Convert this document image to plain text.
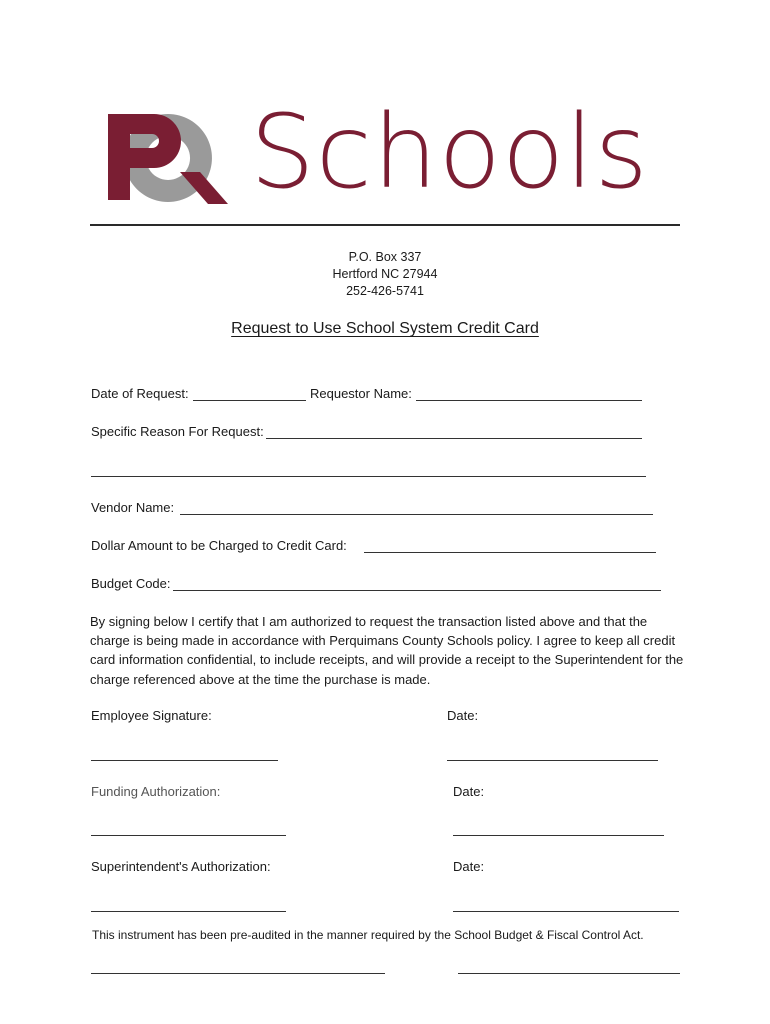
Schools
P.O. Box 337
Hertford NC 27944
252-426-5741
Request to Use School System Credit Card
Date of Request:	Requestor Name:
Specific Reason For Request:
Vendor Name:
Dollar Amount to be Charged to Credit Card:
Budget Code:
By signing below I certify that I am authorized to request the transaction listed above and that the charge is being made in accordance with Perquimans County Schools policy. I agree to keep all credit card information confidential, to include receipts, and will provide a receipt to the Superintendent for the charge referenced above at the time the purchase is made.
Employee Signature:	Date:
Funding Authorization:	Date:
Superintendent's Authorization:	Date:
This instrument has been pre-audited in the manner required by the School Budget & Fiscal Control Act.
